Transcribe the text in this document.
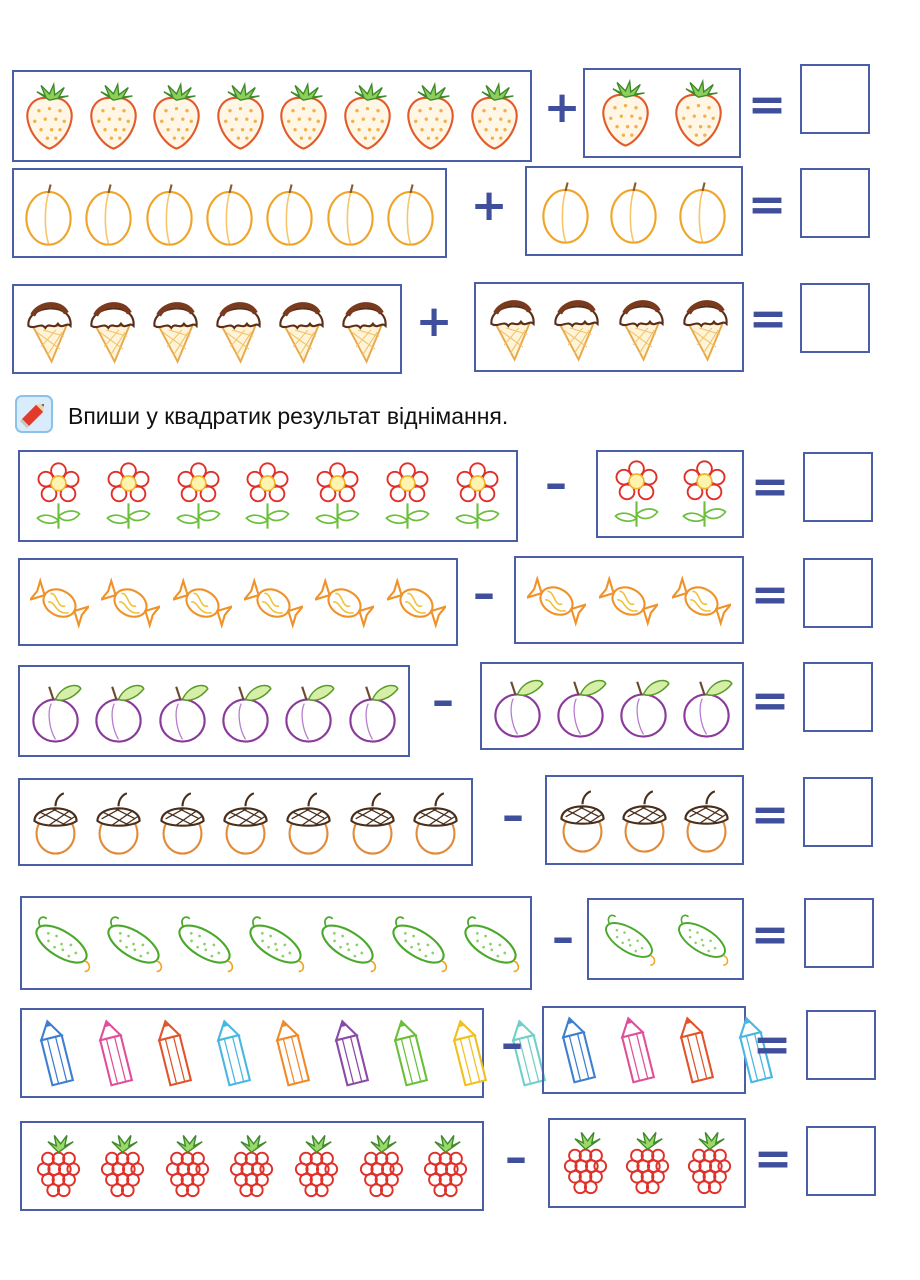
Впиши у квадратик результат віднімання.
+	=
+	=
+	=
–	=
–	=
–	=
–	=
–	=
–	=
–	=
